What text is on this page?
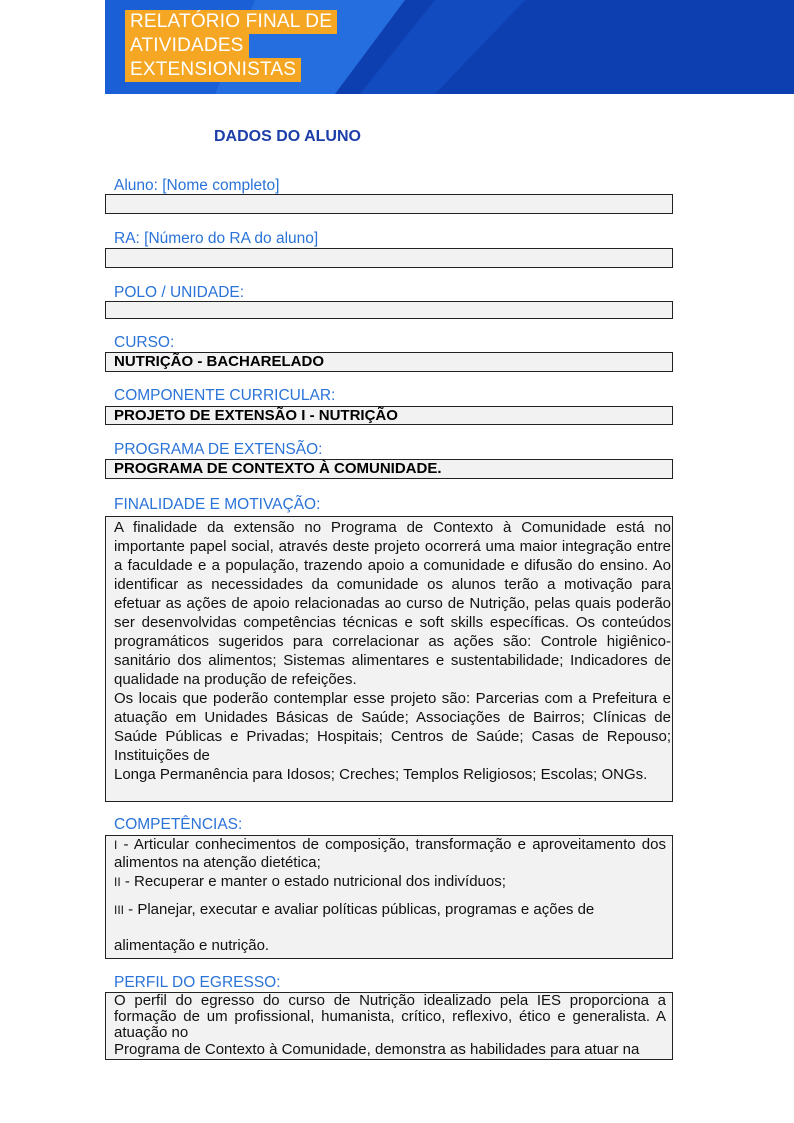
RELATÓRIO FINAL DE
ATIVIDADES
EXTENSIONISTAS
DADOS DO ALUNO
Aluno: [Nome completo]
RA: [Número do RA do aluno]
POLO / UNIDADE:
CURSO:
NUTRIÇÃO - BACHARELADO
COMPONENTE CURRICULAR:
PROJETO DE EXTENSÃO I - NUTRIÇÃO
PROGRAMA DE EXTENSÃO:
PROGRAMA DE CONTEXTO À COMUNIDADE.
FINALIDADE E MOTIVAÇÃO:

A finalidade da extensão no Programa de Contexto à Comunidade está no importante papel social, através deste projeto ocorrerá uma maior integração entre a faculdade e a população, trazendo apoio a comunidade e difusão do ensino. Ao identificar as necessidades da comunidade os alunos terão a motivação para efetuar as ações de apoio relacionadas ao curso de Nutrição, pelas quais poderão ser desenvolvidas competências técnicas e soft skills específicas. Os conteúdos programáticos sugeridos para correlacionar as ações são: Controle higiênico- sanitário dos alimentos; Sistemas alimentares e sustentabilidade; Indicadores de qualidade na produção de refeições.

Os locais que poderão contemplar esse projeto são: Parcerias com a Prefeitura e atuação em Unidades Básicas de Saúde; Associações de Bairros; Clínicas de Saúde Públicas e Privadas; Hospitais; Centros de Saúde; Casas de Repouso; Instituições de

Longa Permanência para Idosos; Creches; Templos Religiosos; Escolas; ONGs.

COMPETÊNCIAS:
I - Articular conhecimentos de composição, transformação e aproveitamento dos alimentos na atenção dietética;
II - Recuperar e manter o estado nutricional dos indivíduos;
III - Planejar, executar e avaliar políticas públicas, programas e ações de
alimentação e nutrição.
PERFIL DO EGRESSO:
O perfil do egresso do curso de Nutrição idealizado pela IES proporciona a formação de um profissional, humanista, crítico, reflexivo, ético e generalista. A atuação no
Programa de Contexto à Comunidade, demonstra as habilidades para atuar na
